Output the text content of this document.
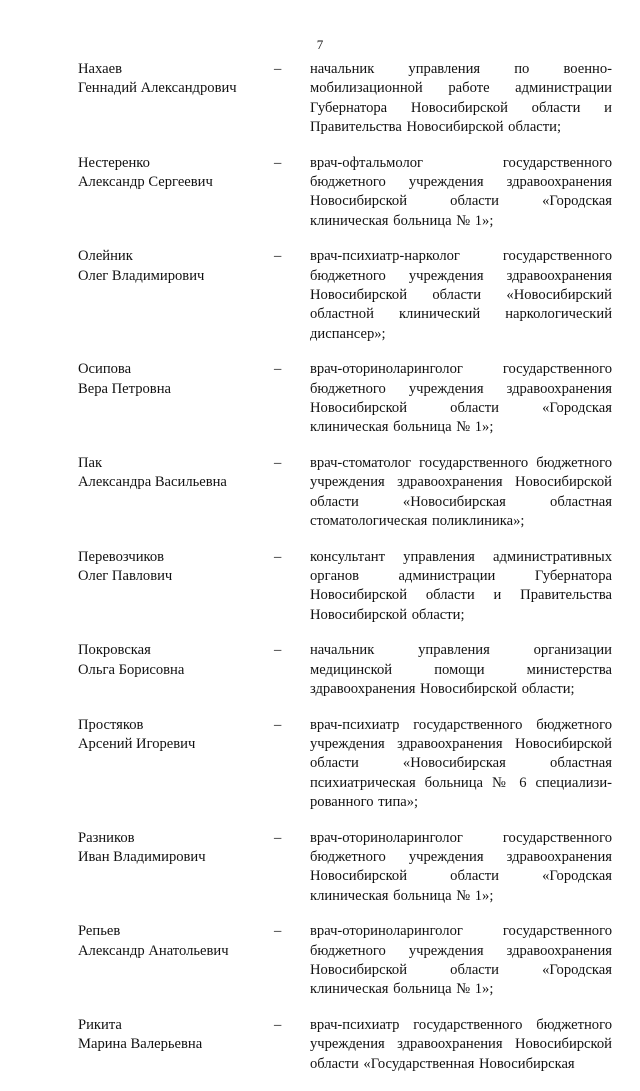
7
Нахаев
Геннадий Александрович
–	начальник управления по военно- мобилизационной работе администрации Губернатора Новосибирской области и Правительства Новосибирской области;
Нестеренко
Александр Сергеевич
–	врач-офтальмолог государственного бюджетного учреждения здравоохранения Новосибирской области «Городская клиническая больница № 1»;
Олейник
Олег Владимирович
–	врач-психиатр-нарколог государственного бюджетного учреждения здравоохранения Новосибирской области «Новосибирский областной клинический наркологический диспансер»;
Осипова
Вера Петровна
–	врач-оториноларинголог государственного бюджетного учреждения здравоохранения Новосибирской области «Городская клиническая больница № 1»;
Пак
Александра Васильевна
–	врач-стоматолог государственного бюджетного учреждения здравоохранения Новосибирской области «Новосибирская областная стоматологическая поликлиника»;
Перевозчиков
Олег Павлович
–	консультант управления административных органов администрации Губернатора Новосибирской области и Правительства Новосибирской области;
Покровская
Ольга Борисовна
–	начальник управления организации медицинской помощи министерства здравоохранения Новосибирской области;
Простяков
Арсений Игоревич
–	врач-психиатр государственного бюджетного учреждения здравоохранения Новосибирской области «Новосибирская областная психиатрическая больница № 6 специализи- рованного типа»;
Разников
Иван Владимирович
–	врач-оториноларинголог государственного бюджетного учреждения здравоохранения Новосибирской области «Городская клиническая больница № 1»;
Репьев
Александр Анатольевич
–	врач-оториноларинголог государственного бюджетного учреждения здравоохранения Новосибирской области «Городская клиническая больница № 1»;
Рикита
Марина Валерьевна
–	врач-психиатр государственного бюджетного учреждения здравоохранения Новосибирской области «Государственная Новосибирская
